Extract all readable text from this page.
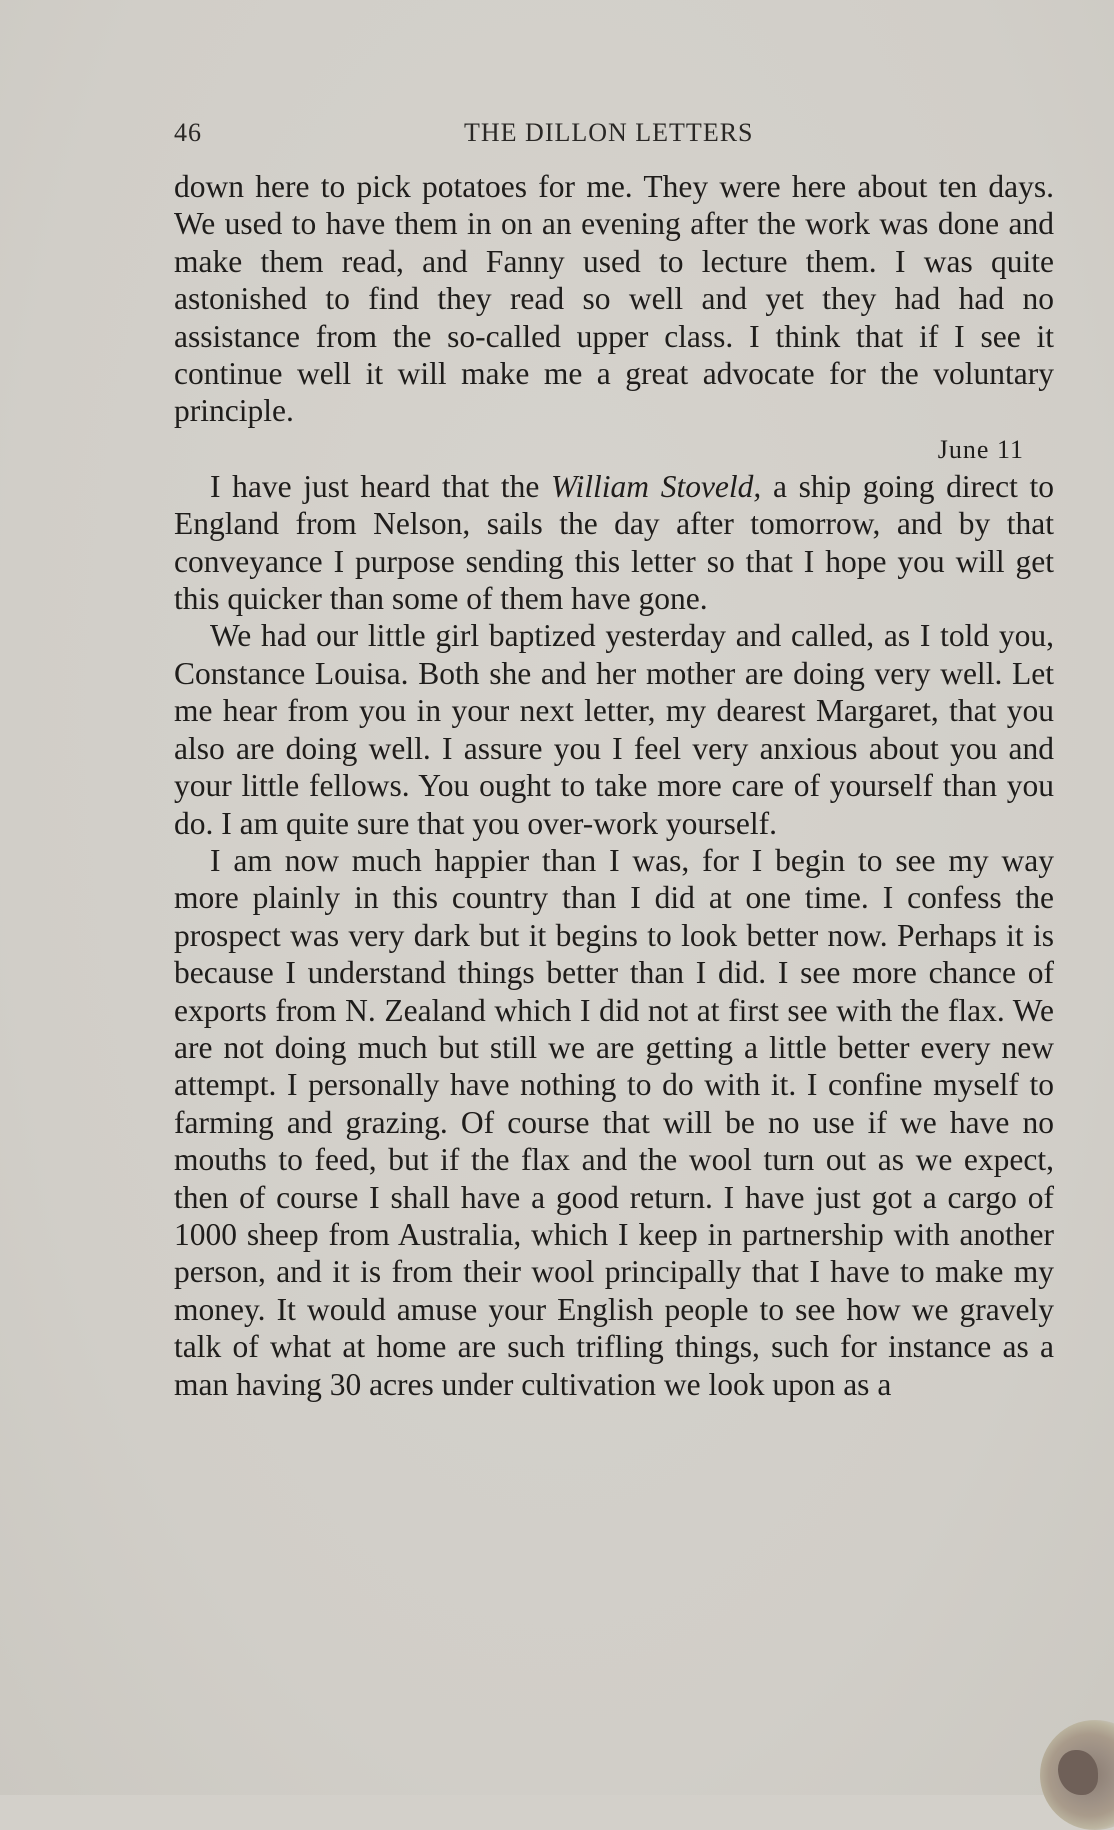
46	THE DILLON LETTERS

down here to pick potatoes for me. They were here about ten days. We used to have them in on an evening after the work was done and make them read, and Fanny used to lecture them. I was quite astonished to find they read so well and yet they had had no assistance from the so-called upper class. I think that if I see it continue well it will make me a great advocate for the voluntary principle.

June 11

I have just heard that the William Stoveld, a ship going direct to England from Nelson, sails the day after tomorrow, and by that conveyance I purpose sending this letter so that I hope you will get this quicker than some of them have gone.

We had our little girl baptized yesterday and called, as I told you, Constance Louisa. Both she and her mother are doing very well. Let me hear from you in your next letter, my dearest Margaret, that you also are doing well. I assure you I feel very anxious about you and your little fellows. You ought to take more care of yourself than you do. I am quite sure that you over-work yourself.

I am now much happier than I was, for I begin to see my way more plainly in this country than I did at one time. I confess the prospect was very dark but it begins to look better now. Perhaps it is because I understand things better than I did. I see more chance of exports from N. Zealand which I did not at first see with the flax. We are not doing much but still we are getting a little better every new attempt. I personally have nothing to do with it. I confine myself to farming and grazing. Of course that will be no use if we have no mouths to feed, but if the flax and the wool turn out as we expect, then of course I shall have a good return. I have just got a cargo of 1000 sheep from Australia, which I keep in partnership with another person, and it is from their wool principally that I have to make my money. It would amuse your English people to see how we gravely talk of what at home are such trifling things, such for instance as a man having 30 acres under cultivation we look upon as a
